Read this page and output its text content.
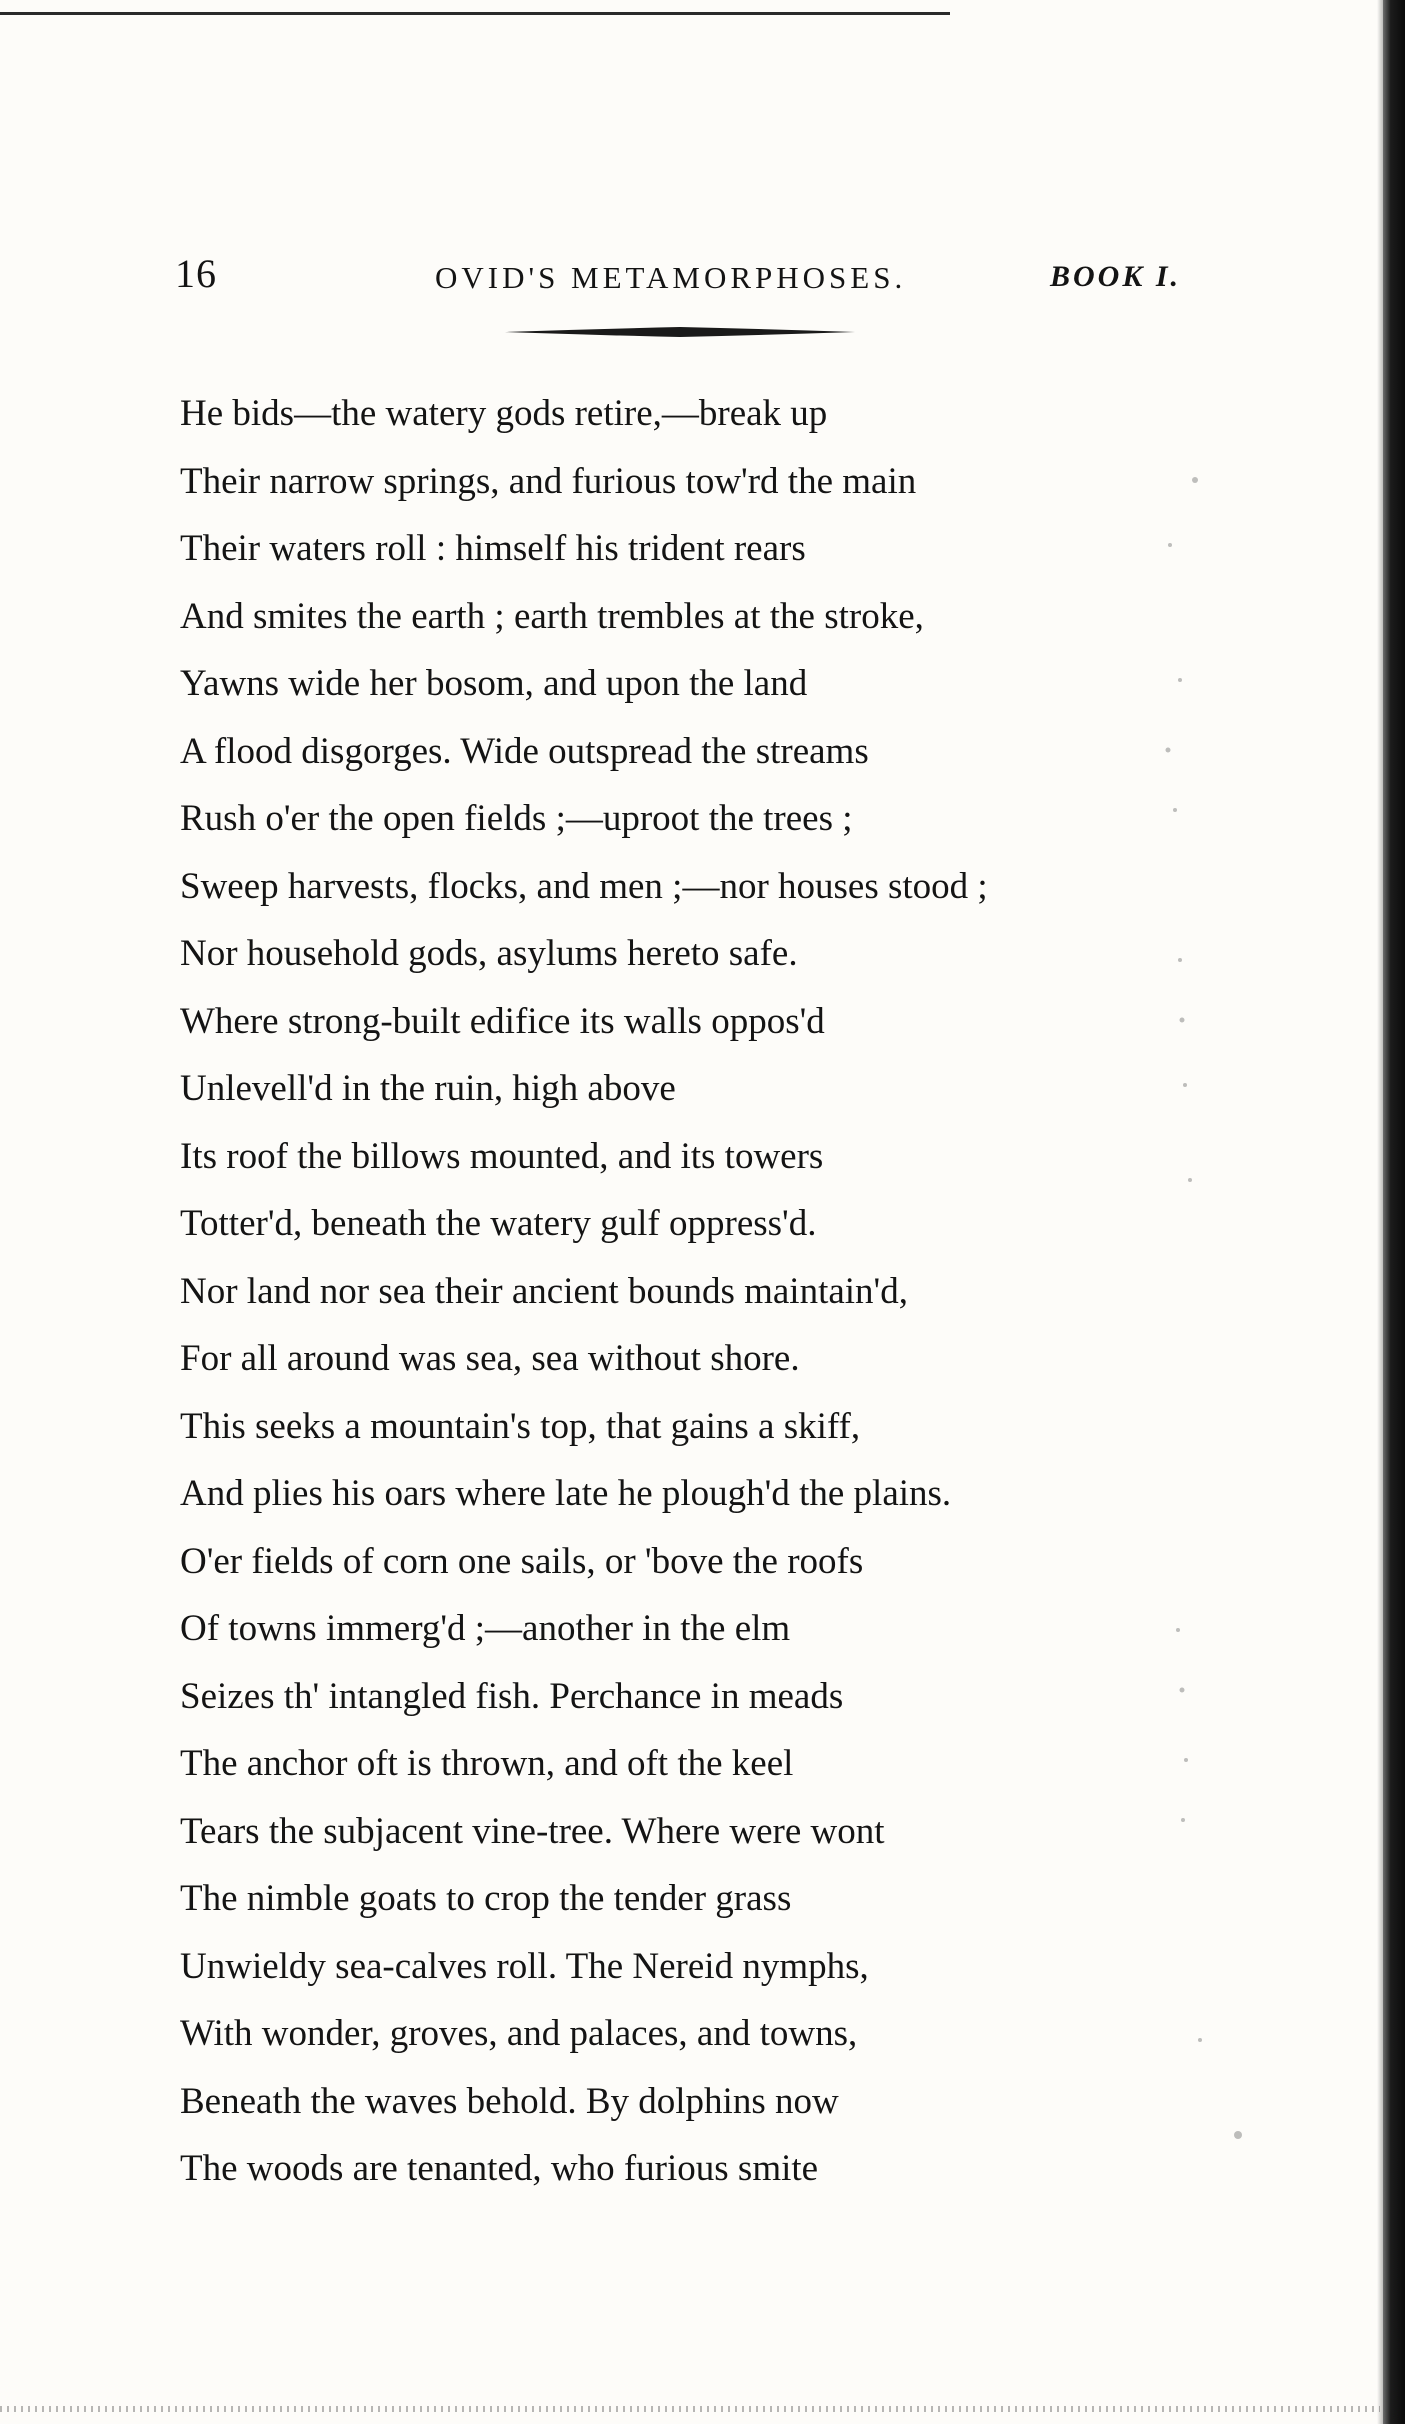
16	OVID'S METAMORPHOSES.	BOOK I.
He bids—the watery gods retire,—break up
Their narrow springs, and furious tow'rd the main
Their waters roll : himself his trident rears
And smites the earth ; earth trembles at the stroke,
Yawns wide her bosom, and upon the land
A flood disgorges. Wide outspread the streams
Rush o'er the open fields ;—uproot the trees ;
Sweep harvests, flocks, and men ;—nor houses stood ;
Nor household gods, asylums hereto safe.
Where strong-built edifice its walls oppos'd
Unlevell'd in the ruin, high above
Its roof the billows mounted, and its towers
Totter'd, beneath the watery gulf oppress'd.
Nor land nor sea their ancient bounds maintain'd,
For all around was sea, sea without shore.
This seeks a mountain's top, that gains a skiff,
And plies his oars where late he plough'd the plains.
O'er fields of corn one sails, or 'bove the roofs
Of towns immerg'd ;—another in the elm
Seizes th' intangled fish. Perchance in meads
The anchor oft is thrown, and oft the keel
Tears the subjacent vine-tree. Where were wont
The nimble goats to crop the tender grass
Unwieldy sea-calves roll. The Nereid nymphs,
With wonder, groves, and palaces, and towns,
Beneath the waves behold. By dolphins now
The woods are tenanted, who furious smite
